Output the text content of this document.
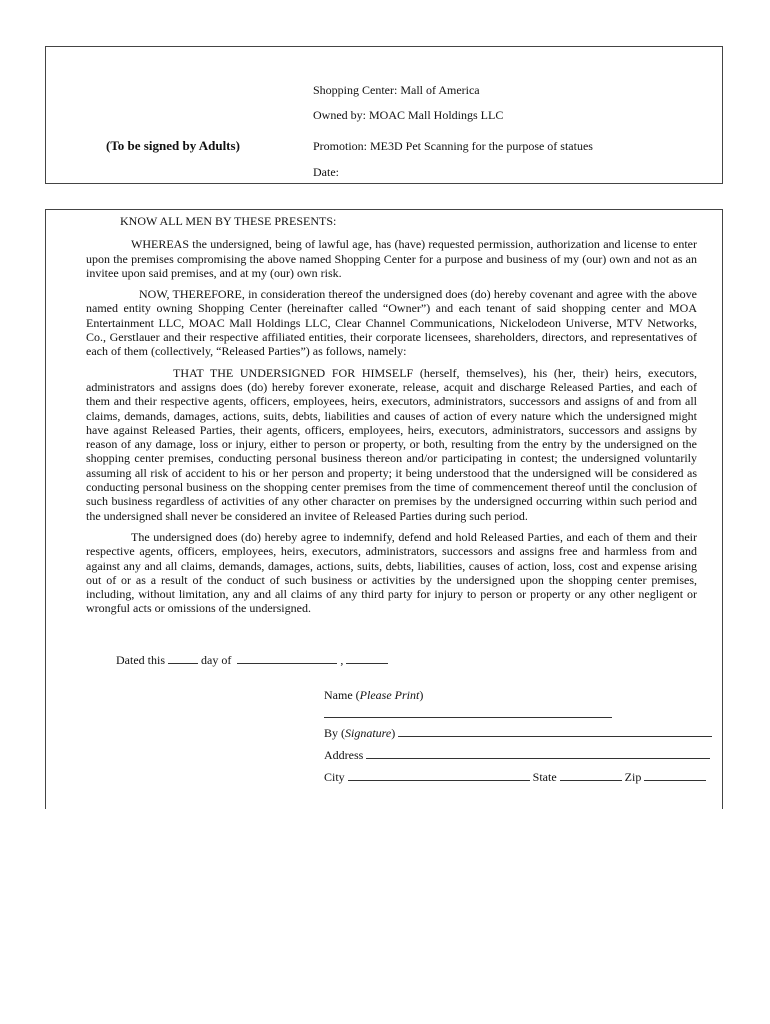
Shopping Center: Mall of America
Owned by: MOAC Mall Holdings LLC
(To be signed by Adults)	Promotion: ME3D Pet Scanning for the purpose of statues
Date:

KNOW ALL MEN BY THESE PRESENTS:

WHEREAS the undersigned, being of lawful age, has (have) requested permission, authorization and license to enter upon the premises compromising the above named Shopping Center for a purpose and business of my (our) own and not as an invitee upon said premises, and at my (our) own risk.

NOW, THEREFORE, in consideration thereof the undersigned does (do) hereby covenant and agree with the above named entity owning Shopping Center (hereinafter called “Owner”) and each tenant of said shopping center and MOA Entertainment LLC, MOAC Mall Holdings LLC, Clear Channel Communications, Nickelodeon Universe, MTV Networks, Co., Gerstlauer and their respective affiliated entities, their corporate licensees, shareholders, directors, and representatives of each of them (collectively, “Released Parties”) as follows, namely:

THAT THE UNDERSIGNED FOR HIMSELF (herself, themselves), his (her, their) heirs, executors, administrators and assigns does (do) hereby forever exonerate, release, acquit and discharge Released Parties, and each of them and their respective agents, officers, employees, heirs, executors, administrators, successors and assigns of and from all claims, demands, damages, actions, suits, debts, liabilities and causes of action of every nature which the undersigned might have against Released Parties, their agents, officers, employees, heirs, executors, administrators, successors and assigns by reason of any damage, loss or injury, either to person or property, or both, resulting from the entry by the undersigned on the shopping center premises, conducting personal business thereon and/or participating in contest; the undersigned voluntarily assuming all risk of accident to his or her person and property; it being understood that the undersigned will be considered as conducting personal business on the shopping center premises from the time of commencement thereof until the conclusion of such business regardless of activities of any other character on premises by the undersigned occurring within such period and the undersigned shall never be considered an invitee of Released Parties during such period.

The undersigned does (do) hereby agree to indemnify, defend and hold Released Parties, and each of them and their respective agents, officers, employees, heirs, executors, administrators, successors and assigns free and harmless from and against any and all claims, demands, damages, actions, suits, debts, liabilities, causes of action, loss, cost and expense arising out of or as a result of the conduct of such business or activities by the undersigned upon the shopping center premises, including, without limitation, any and all claims of any third party for injury to person or property or any other negligent or wrongful acts or omissions of the undersigned.

Dated this	day of	,
Name (Please Print)
By (Signature)
Address
City	State	Zip
